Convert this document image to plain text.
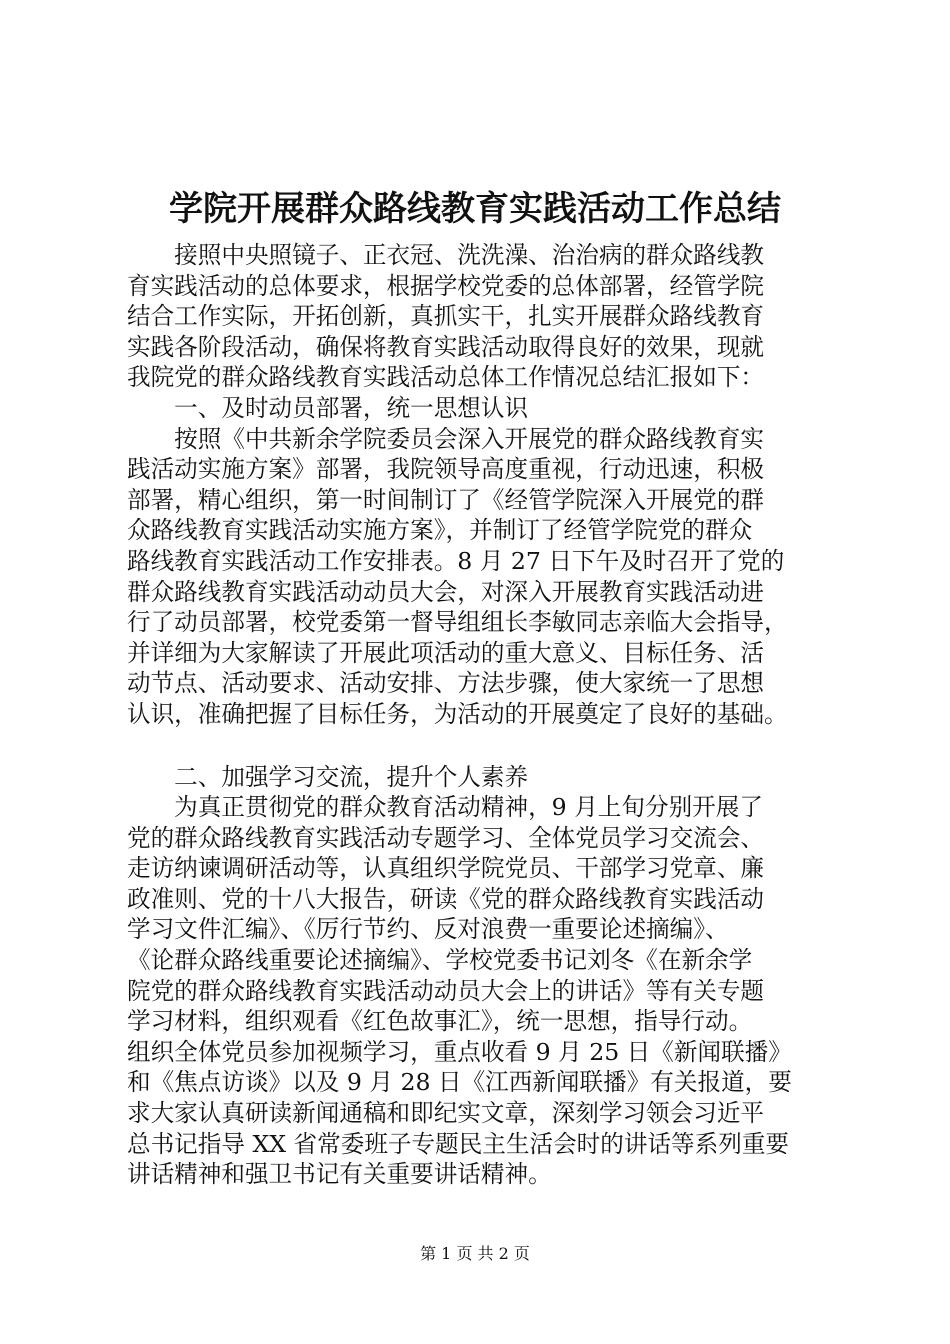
学院开展群众路线教育实践活动工作总结
　　接照中央照镜子、正衣冠、洗洗澡、治治病的群众路线教
育实践活动的总体要求，根据学校党委的总体部署，经管学院
结合工作实际，开拓创新，真抓实干，扎实开展群众路线教育
实践各阶段活动，确保将教育实践活动取得良好的效果，现就
我院党的群众路线教育实践活动总体工作情况总结汇报如下：
　　一、及时动员部署，统一思想认识
　　按照《中共新余学院委员会深入开展党的群众路线教育实
践活动实施方案》部署，我院领导高度重视，行动迅速，积极
部署，精心组织，第一时间制订了《经管学院深入开展党的群
众路线教育实践活动实施方案》，并制订了经管学院党的群众
路线教育实践活动工作安排表。8 月 27 日下午及时召开了党的
群众路线教育实践活动动员大会，对深入开展教育实践活动进
行了动员部署，校党委第一督导组组长李敏同志亲临大会指导，
并详细为大家解读了开展此项活动的重大意义、目标任务、活
动节点、活动要求、活动安排、方法步骤，使大家统一了思想
认识，准确把握了目标任务，为活动的开展奠定了良好的基础。
　　二、加强学习交流，提升个人素养
　　为真正贯彻党的群众教育活动精神，9 月上旬分别开展了
党的群众路线教育实践活动专题学习、全体党员学习交流会、
走访纳谏调研活动等，认真组织学院党员、干部学习党章、廉
政准则、党的十八大报告，研读《党的群众路线教育实践活动
学习文件汇编》、《厉行节约、反对浪费一重要论述摘编》、
《论群众路线重要论述摘编》、学校党委书记刘冬《在新余学
院党的群众路线教育实践活动动员大会上的讲话》等有关专题
学习材料，组织观看《红色故事汇》，统一思想，指导行动。
组织全体党员参加视频学习，重点收看 9 月 25 日《新闻联播》
和《焦点访谈》以及 9 月 28 日《江西新闻联播》有关报道，要
求大家认真研读新闻通稿和即纪实文章，深刻学习领会习近平
总书记指导 XX 省常委班子专题民主生活会时的讲话等系列重要
讲话精神和强卫书记有关重要讲话精神。
第 1 页 共 2 页
